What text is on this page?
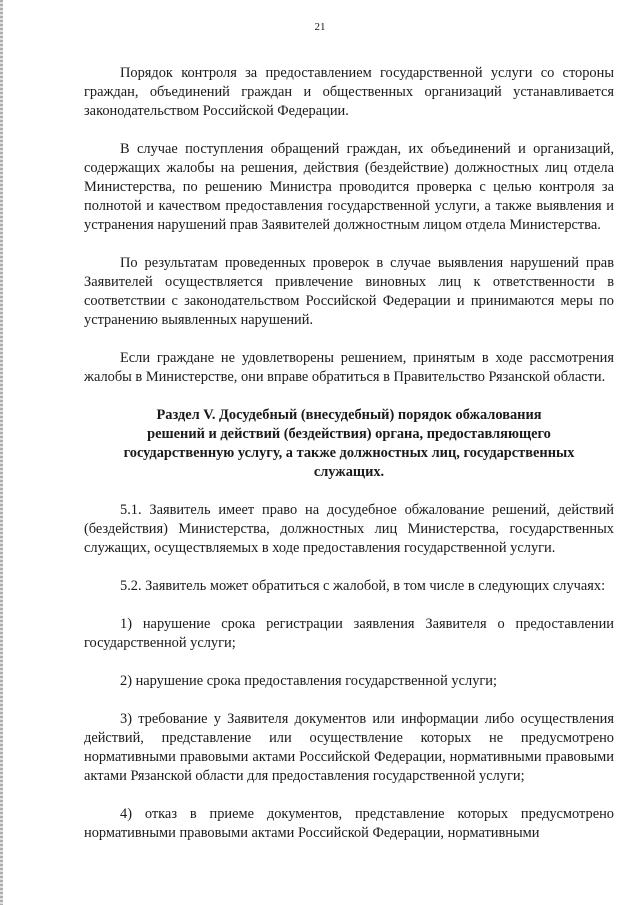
21

Порядок контроля за предоставлением государственной услуги со стороны граждан, объединений граждан и общественных организаций устанавливается законодательством Российской Федерации.

В случае поступления обращений граждан, их объединений и организаций, содержащих жалобы на решения, действия (бездействие) должностных лиц отдела Министерства, по решению Министра проводится проверка с целью контроля за полнотой и качеством предоставления государственной услуги, а также выявления и устранения нарушений прав Заявителей должностным лицом отдела Министерства.

По результатам проведенных проверок в случае выявления нарушений прав Заявителей осуществляется привлечение виновных лиц к ответственности в соответствии с законодательством Российской Федерации и принимаются меры по устранению выявленных нарушений.

Если граждане не удовлетворены решением, принятым в ходе рассмотрения жалобы в Министерстве, они вправе обратиться в Правительство Рязанской области.

Раздел V. Досудебный (внесудебный) порядок обжалования
решений и действий (бездействия) органа, предоставляющего
государственную услугу, а также должностных лиц, государственных
служащих.

5.1. Заявитель имеет право на досудебное обжалование решений, действий (бездействия) Министерства, должностных лиц Министерства, государственных служащих, осуществляемых в ходе предоставления государственной услуги.

5.2. Заявитель может обратиться с жалобой, в том числе в следующих случаях:

1) нарушение срока регистрации заявления Заявителя о предоставлении государственной услуги;

2) нарушение срока предоставления государственной услуги;

3) требование у Заявителя документов или информации либо осуществления действий, представление или осуществление которых не предусмотрено нормативными правовыми актами Российской Федерации, нормативными правовыми актами Рязанской области для предоставления государственной услуги;

4) отказ в приеме документов, представление которых предусмотрено нормативными правовыми актами Российской Федерации, нормативными
